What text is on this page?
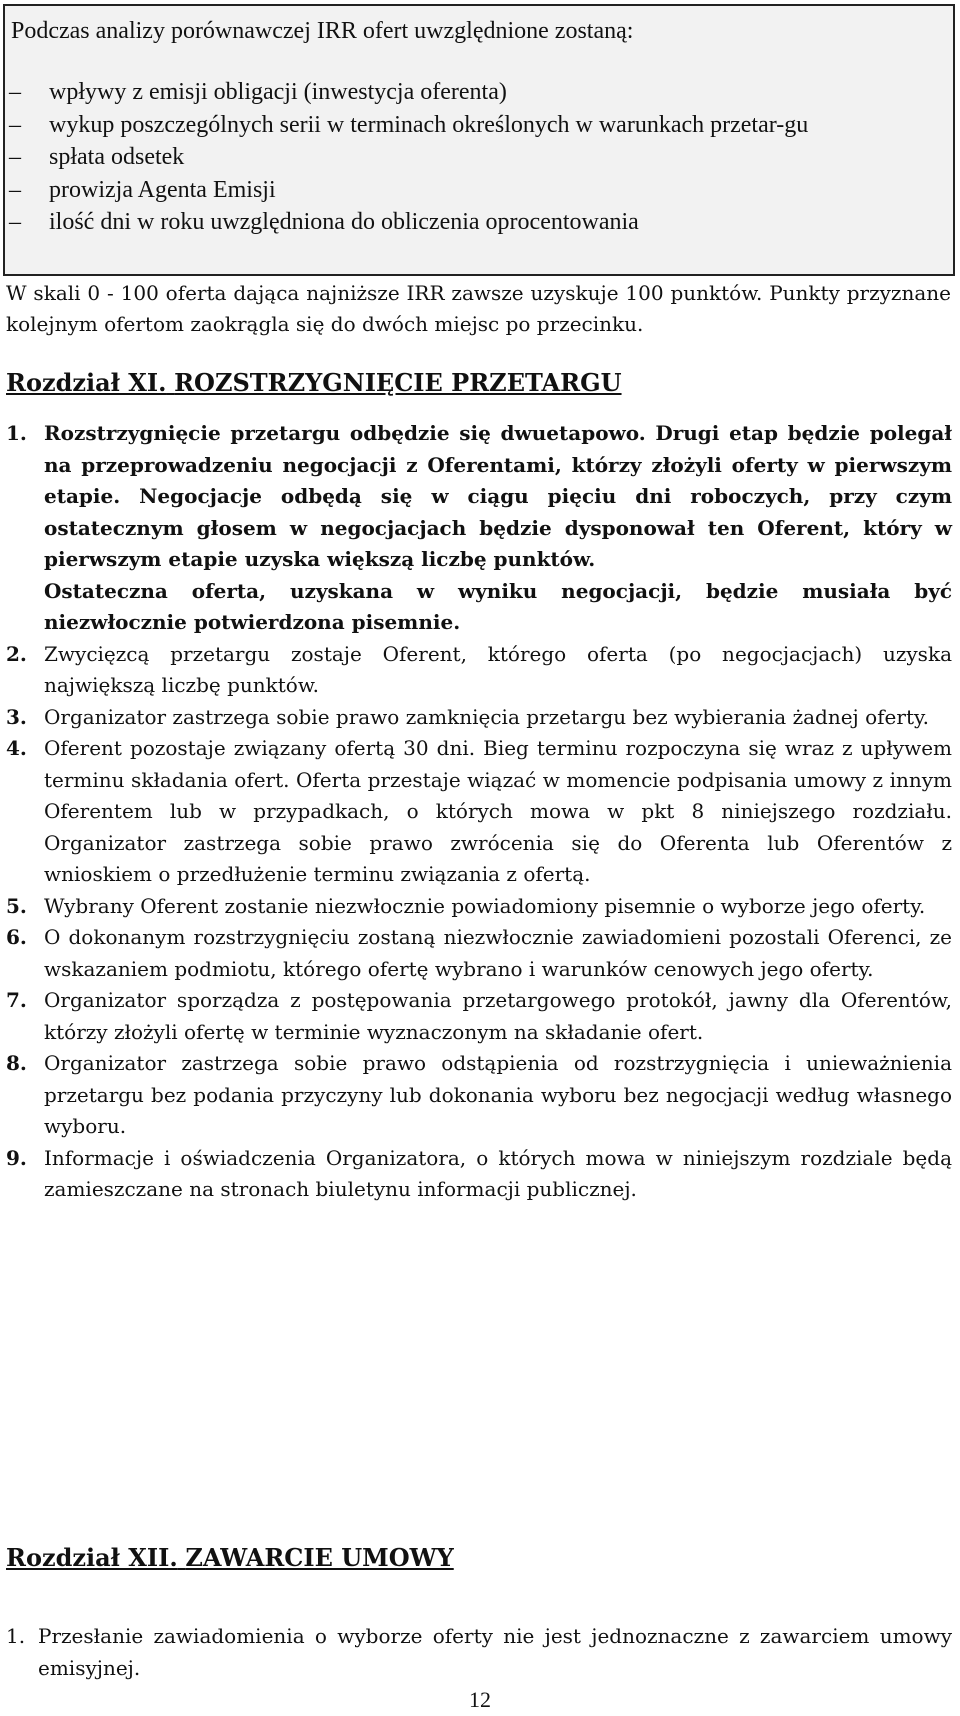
Podczas analizy porównawczej IRR ofert uwzględnione zostaną:
– wpływy z emisji obligacji (inwestycja oferenta)
– wykup poszczególnych serii w terminach określonych w warunkach przetar-gu
– spłata odsetek
– prowizja Agenta Emisji
– ilość dni w roku uwzględniona do obliczenia oprocentowania
W skali 0 - 100 oferta dająca najniższe IRR zawsze uzyskuje 100 punktów. Punkty przyznane kolejnym ofertom zaokrągla się do dwóch miejsc po przecinku.
Rozdział XI. ROZSTRZYGNIĘCIE PRZETARGU
1. Rozstrzygnięcie przetargu odbędzie się dwuetapowo. Drugi etap będzie polegał na przeprowadzeniu negocjacji z Oferentami, którzy złożyli oferty w pierwszym etapie. Negocjacje odbędą się w ciągu pięciu dni roboczych, przy czym ostatecznym głosem w negocjacjach będzie dysponował ten Oferent, który w pierwszym etapie uzyska większą liczbę punktów.

Ostateczna oferta, uzyskana w wyniku negocjacji, będzie musiała być niezwłocznie potwierdzona pisemnie.

2. Zwycięzcą przetargu zostaje Oferent, którego oferta (po negocjacjach) uzyska największą liczbę punktów.

3. Organizator zastrzega sobie prawo zamknięcia przetargu bez wybierania żadnej oferty.

4. Oferent pozostaje związany ofertą 30 dni. Bieg terminu rozpoczyna się wraz z upływem terminu składania ofert. Oferta przestaje wiązać w momencie podpisania umowy z innym Oferentem lub w przypadkach, o których mowa w pkt 8 niniejszego rozdziału. Organizator zastrzega sobie prawo zwrócenia się do Oferenta lub Oferentów z wnioskiem o przedłużenie terminu związania z ofertą.

5. Wybrany Oferent zostanie niezwłocznie powiadomiony pisemnie o wyborze jego oferty.

6. O dokonanym rozstrzygnięciu zostaną niezwłocznie zawiadomieni pozostali Oferenci, ze wskazaniem podmiotu, którego ofertę wybrano i warunków cenowych jego oferty.

7. Organizator sporządza z postępowania przetargowego protokół, jawny dla Oferentów, którzy złożyli ofertę w terminie wyznaczonym na składanie ofert.

8. Organizator zastrzega sobie prawo odstąpienia od rozstrzygnięcia i unieważnienia przetargu bez podania przyczyny lub dokonania wyboru bez negocjacji według własnego wyboru.

9. Informacje i oświadczenia Organizatora, o których mowa w niniejszym rozdziale będą zamieszczane na stronach biuletynu informacji publicznej.

Rozdział XII. ZAWARCIE UMOWY
1. Przesłanie zawiadomienia o wyborze oferty nie jest jednoznaczne z zawarciem umowy emisyjnej.

12
